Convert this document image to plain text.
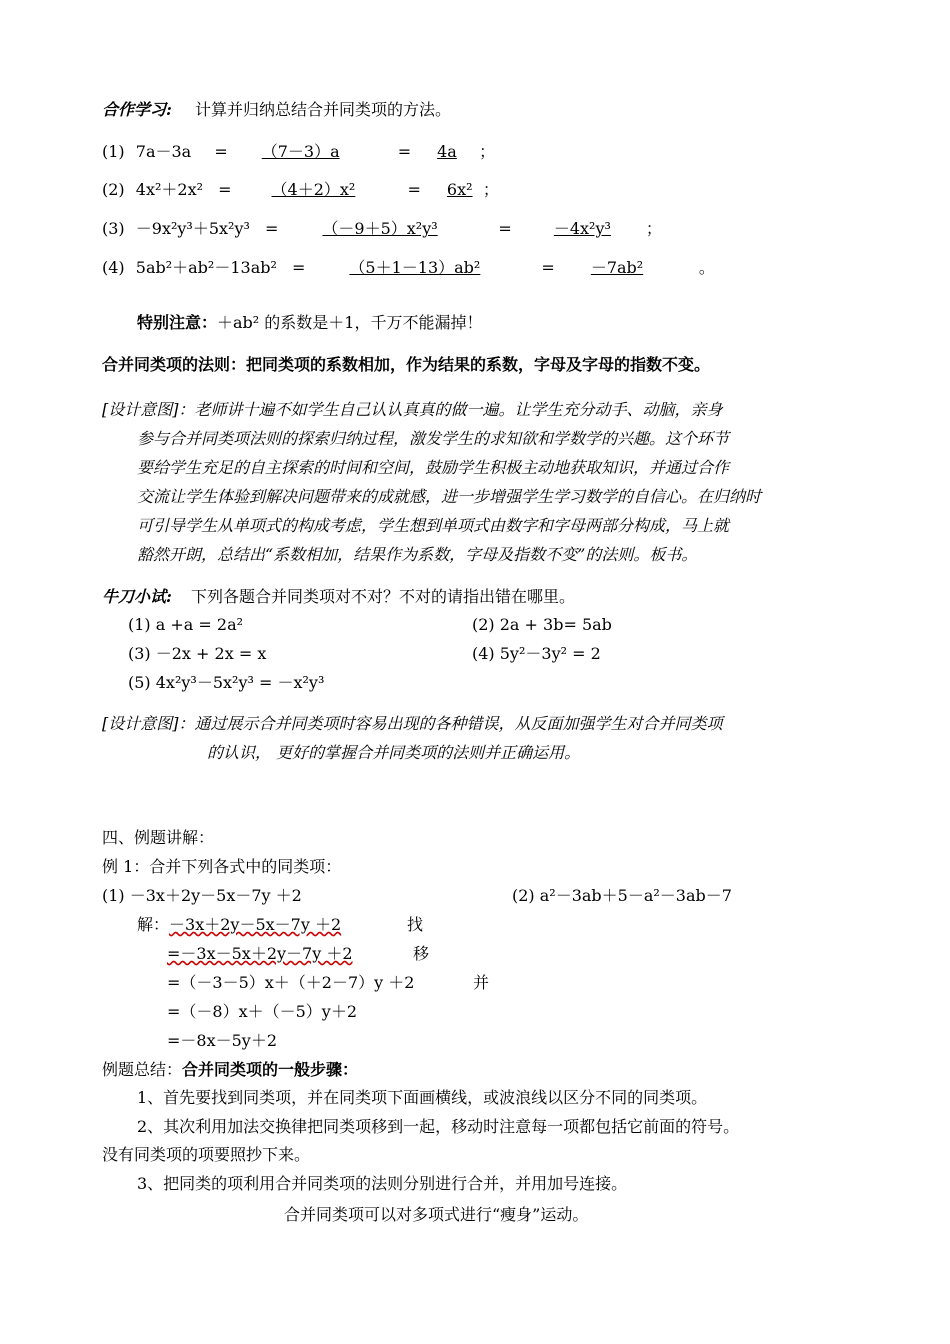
合作学习: 计算并归纳总结合并同类项的方法。
(1) 7a－3a = （7－3）a	= 4a ；
(2) 4x²＋2x² =	（4＋2）x²	= 6x² ；
(3) －9x²y³＋5x²y³ =	（－9＋5）x²y³	=	－4x²y³ ；
(4) 5ab²＋ab²－13ab² =	（5＋1－13）ab²	= －7ab²	。
特别注意：＋ab² 的系数是＋1，千万不能漏掉！
合并同类项的法则：把同类项的系数相加，作为结果的系数，字母及字母的指数不变。
[设计意图]：老师讲十遍不如学生自己认认真真的做一遍。让学生充分动手、动脑，亲身
参与合并同类项法则的探索归纳过程，激发学生的求知欲和学数学的兴趣。这个环节
要给学生充足的自主探索的时间和空间，鼓励学生积极主动地获取知识，并通过合作
交流让学生体验到解决问题带来的成就感，进一步增强学生学习数学的自信心。在归纳时
可引导学生从单项式的构成考虑，学生想到单项式由数字和字母两部分构成，马上就
豁然开朗，总结出“系数相加，结果作为系数，字母及指数不变”的法则。板书。
牛刀小试: 下列各题合并同类项对不对？不对的请指出错在哪里。
(1) a +a = 2a²	(2) 2a + 3b= 5ab
(3) －2x + 2x = x	(4) 5y²－3y² = 2
(5) 4x²y³－5x²y³ = －x²y³
[设计意图]：通过展示合并同类项时容易出现的各种错误，从反面加强学生对合并同类项
的认识， 更好的掌握合并同类项的法则并正确运用。
四、例题讲解：
例 1：合并下列各式中的同类项：
(1) －3x＋2y－5x－7y ＋2	(2) a²－3ab＋5－a²－3ab－7
解：－3x＋2y－5x－7y ＋2	找
=－3x－5x＋2y－7y ＋2	移
=（－3－5）x＋（＋2－7）y ＋2	并
=（－8）x＋（－5）y＋2
=－8x－5y＋2
例题总结：合并同类项的一般步骤：
1、首先要找到同类项，并在同类项下面画横线，或波浪线以区分不同的同类项。
2、其次利用加法交换律把同类项移到一起，移动时注意每一项都包括它前面的符号。
没有同类项的项要照抄下来。
3、把同类的项利用合并同类项的法则分别进行合并，并用加号连接。
合并同类项可以对多项式进行“瘦身”运动。
